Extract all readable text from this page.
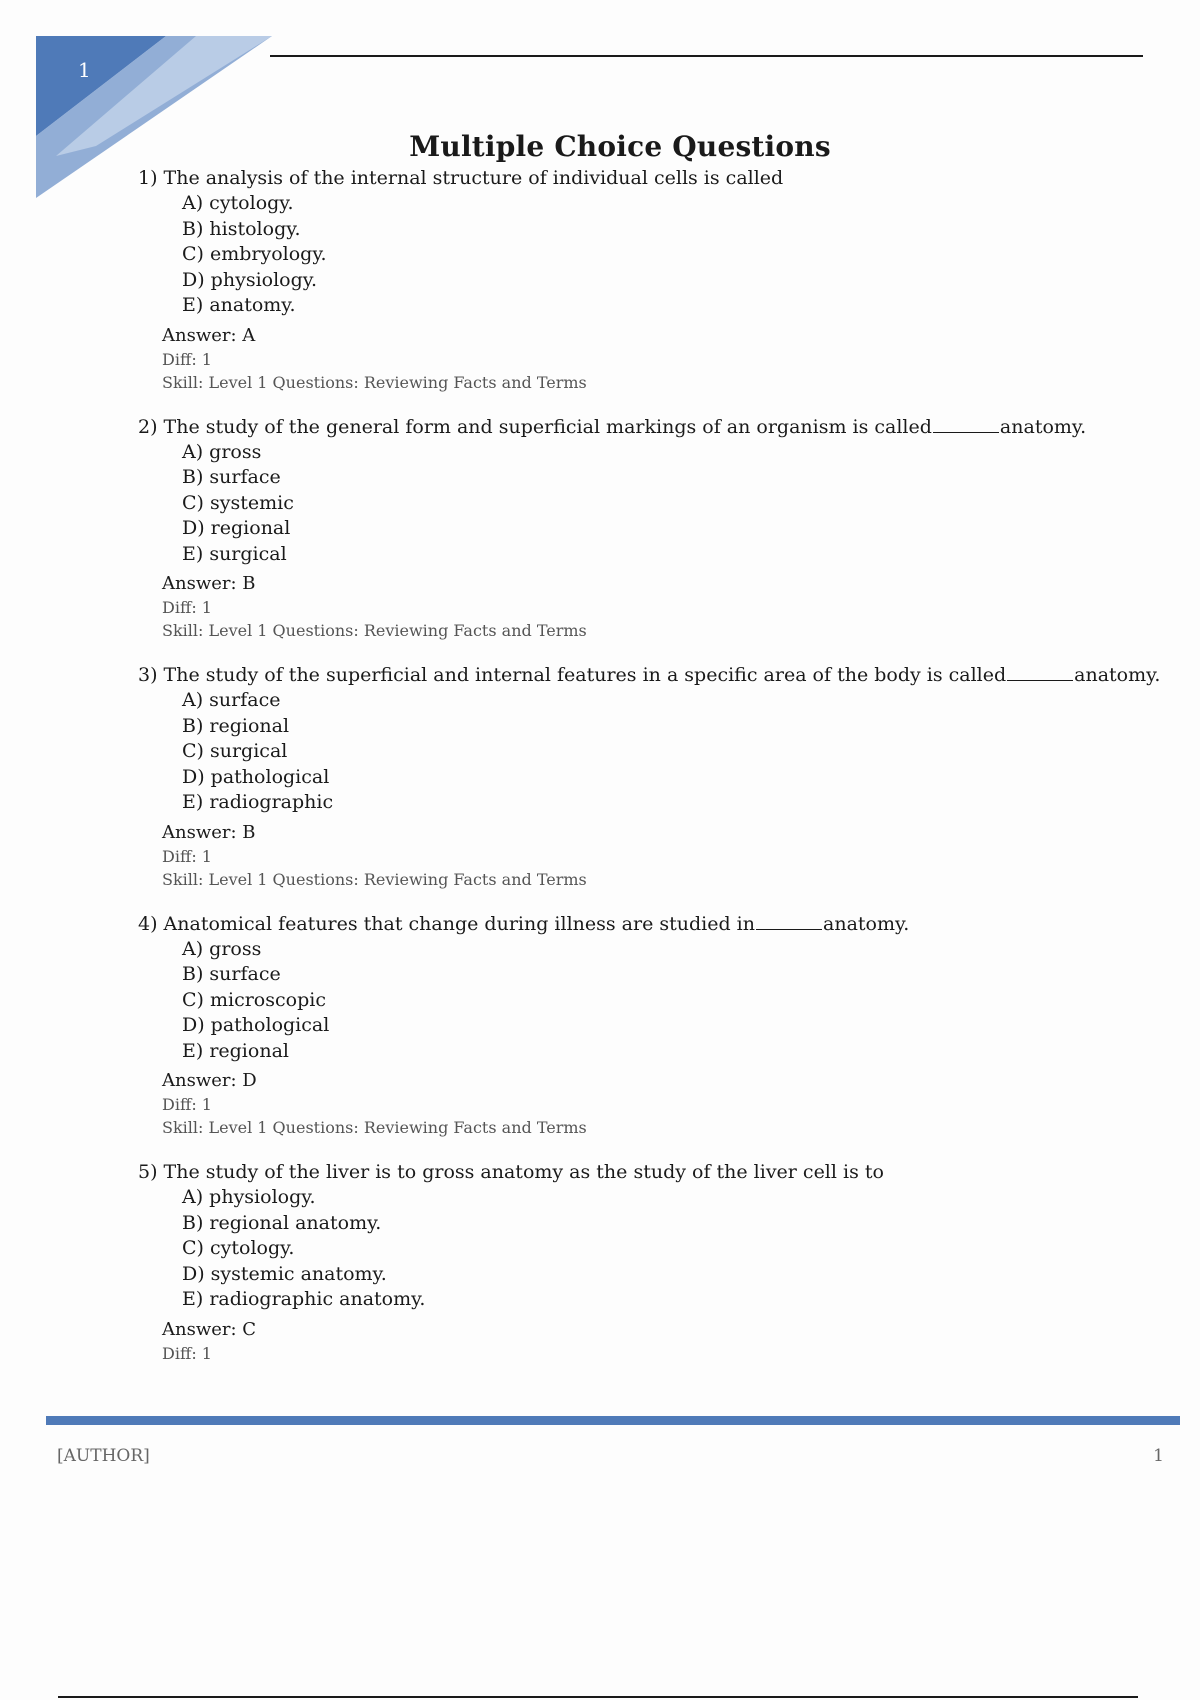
1
Multiple Choice Questions
1) The analysis of the internal structure of individual cells is called
A) cytology.
B) histology.
C) embryology.
D) physiology.
E) anatomy.
Answer: A
Diff: 1
Skill: Level 1 Questions: Reviewing Facts and Terms
2) The study of the general form and superficial markings of an organism is called	anatomy.
A) gross
B) surface
C) systemic
D) regional
E) surgical
Answer: B
Diff: 1
Skill: Level 1 Questions: Reviewing Facts and Terms
3) The study of the superficial and internal features in a specific area of the body is called	anatomy.
A) surface
B) regional
C) surgical
D) pathological
E) radiographic
Answer: B
Diff: 1
Skill: Level 1 Questions: Reviewing Facts and Terms
4) Anatomical features that change during illness are studied in	anatomy.
A) gross
B) surface
C) microscopic
D) pathological
E) regional
Answer: D
Diff: 1
Skill: Level 1 Questions: Reviewing Facts and Terms
5) The study of the liver is to gross anatomy as the study of the liver cell is to
A) physiology.
B) regional anatomy.
C) cytology.
D) systemic anatomy.
E) radiographic anatomy.
Answer: C
Diff: 1
[AUTHOR]	1
